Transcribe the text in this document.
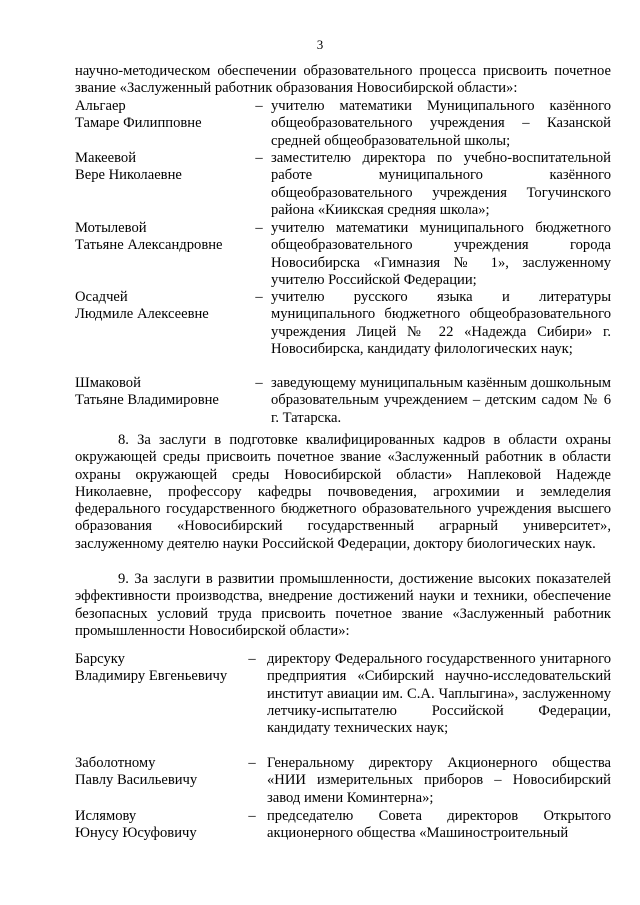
3
научно-методическом обеспечении образовательного процесса присвоить почетное звание «Заслуженный работник образования Новосибирской области»:
Альгаер
Тамаре Филипповне
– учителю математики Муниципального казённого общеобразовательного учреждения – Казанской средней общеобразовательной школы;
Макеевой
Вере Николаевне
– заместителю директора по учебно-воспитательной работе муниципального казённого общеобразовательного учреждения Тогучинского района «Киикская средняя школа»;
Мотылевой
Татьяне Александровне
– учителю математики муниципального бюджетного общеобразовательного учреждения города Новосибирска «Гимназия № 1», заслуженному учителю Российской Федерации;
Осадчей
Людмиле Алексеевне
– учителю русского языка и литературы муниципального бюджетного общеобразовательного учреждения Лицей № 22 «Надежда Сибири» г. Новосибирска, кандидату филологических наук;
Шмаковой
Татьяне Владимировне
– заведующему муниципальным казённым дошкольным образовательным учреждением – детским садом № 6 г. Татарска.
8. За заслуги в подготовке квалифицированных кадров в области охраны окружающей среды присвоить почетное звание «Заслуженный работник в области охраны окружающей среды Новосибирской области» Наплековой Надежде Николаевне, профессору кафедры почвоведения, агрохимии и земледелия федерального государственного бюджетного образовательного учреждения высшего образования «Новосибирский государственный аграрный университет», заслуженному деятелю науки Российской Федерации, доктору биологических наук.
9. За заслуги в развитии промышленности, достижение высоких показателей эффективности производства, внедрение достижений науки и техники, обеспечение безопасных условий труда присвоить почетное звание «Заслуженный работник промышленности Новосибирской области»:
Барсуку
Владимиру Евгеньевичу
– директору Федерального государственного унитарного предприятия «Сибирский научно-исследовательский институт авиации им. С.А. Чаплыгина», заслуженному летчику-испытателю Российской Федерации, кандидату технических наук;
Заболотному
Павлу Васильевичу
– Генеральному директору Акционерного общества «НИИ измерительных приборов – Новосибирский завод имени Коминтерна»;
Ислямову
Юнусу Юсуфовичу
– председателю Совета директоров Открытого акционерного общества «Машиностроительный
